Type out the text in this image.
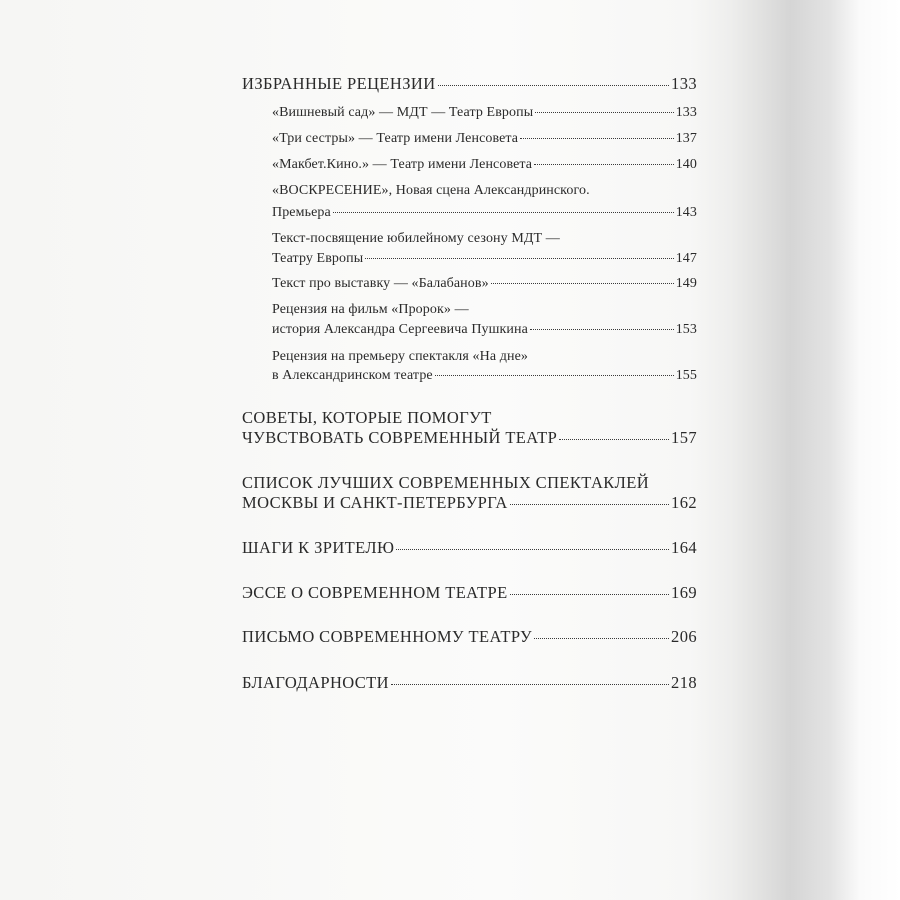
ИЗБРАННЫЕ РЕЦЕНЗИИ	133
«Вишневый сад» — МДТ — Театр Европы	133
«Три сестры» — Театр имени Ленсовета	137
«Макбет.Кино.» — Театр имени Ленсовета	140
«ВОСКРЕСЕНИЕ», Новая сцена Александринского.
Премьера	143
Текст-посвящение юбилейному сезону МДТ —
Театру Европы	147
Текст про выставку — «Балабанов»	149
Рецензия на фильм «Пророк» —
история Александра Сергеевича Пушкина	153
Рецензия на премьеру спектакля «На дне»
в Александринском театре	155
СОВЕТЫ, КОТОРЫЕ ПОМОГУТ
ЧУВСТВОВАТЬ СОВРЕМЕННЫЙ ТЕАТР	157
СПИСОК ЛУЧШИХ СОВРЕМЕННЫХ СПЕКТАКЛЕЙ
МОСКВЫ И САНКТ-ПЕТЕРБУРГА	162
ШАГИ К ЗРИТЕЛЮ	164
ЭССЕ О СОВРЕМЕННОМ ТЕАТРЕ	169
ПИСЬМО СОВРЕМЕННОМУ ТЕАТРУ	206
БЛАГОДАРНОСТИ	218
